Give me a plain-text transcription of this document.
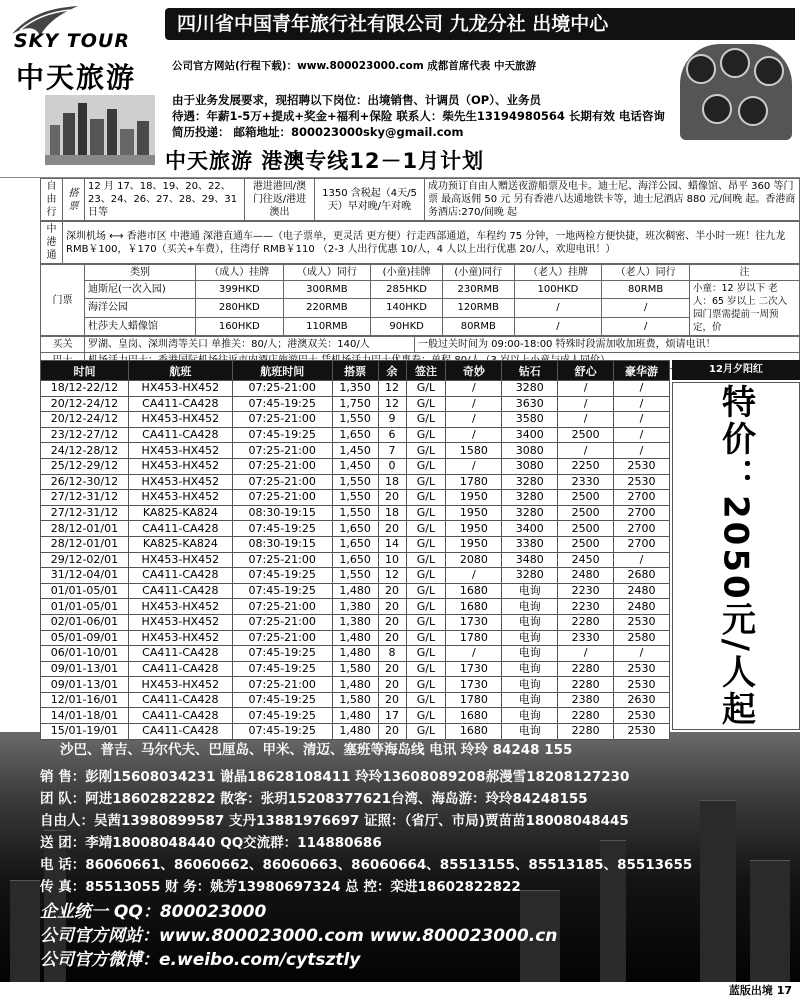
SKY TOUR
中天旅游
四川省中国青年旅行社有限公司 九龙分社 出境中心
公司官方网站(行程下载)：www.800023000.com 成都首席代表 中天旅游
由于业务发展要求，现招聘以下岗位：出境销售、计调员（OP）、业务员
待遇：年薪1-5万+提成+奖金+福利+保险 联系人：柴先生13194980564 长期有效 电话咨询
简历投递： 邮箱地址：800023000sky@gmail.com
中天旅游 港澳专线12－1月计划
自由行	搭票	12 月 17、18、19、20、22、23、24、26、27、28、29、31 日等	港进港回/澳门往返/港进澳出	1350 含税起（4天/5天）早对晚/午对晚	成功预订自由人赠送夜游船票及电卡。迪士尼、海洋公园、蜡像馆、昂平 360 等门票 最高返佣 50 元 另有香港八达通地铁卡等，迪士尼酒店 880 元/间晚 起。香港商务酒店:270/间晚 起
中港通	深圳机场 ⟷ 香港市区 中港通 深港直通车——（电子票单，更灵活 更方便）行走西部通道，车程约 75 分钟，一地两检方便快捷，班次稠密、半小时一班！往九龙 RMB￥100，￥170（买关+车费），往湾仔 RMB￥110 （2-3 人出行优惠 10/人，4 人以上出行优惠 20/人，欢迎电讯！）
门票	类别	（成人）挂牌	（成人）同行	(小童)挂牌	(小童)同行	（老人）挂牌	（老人）同行	注
	迪斯尼(一次入园)	399HKD	300RMB	285HKD	230RMB	100HKD	80RMB	小童：12 岁以下 老人：65 岁以上 二次入园门票需提前一周预定，价
	海洋公园	280HKD	220RMB	140HKD	120RMB	/	/	
	杜莎夫人蜡像馆	160HKD	110RMB	90HKD	80RMB	/	/	
买关	罗湖、皇岗、深圳湾等关口 单推关：80/人；港澳双关：140/人	一般过关时间为 09:00-18:00 特殊时段需加收加班费，烦请电讯！

时间	航班	航班时间	搭票	余	签注	奇妙	钻石	舒心	豪华游
18/12-22/12	HX453-HX452	07:25-21:00	1,350	12	G/L	/	3280	/	/
20/12-24/12	CA411-CA428	07:45-19:25	1,750	12	G/L	/	3630	/	/
20/12-24/12	HX453-HX452	07:25-21:00	1,550	9	G/L	/	3580	/	/
23/12-27/12	CA411-CA428	07:45-19:25	1,650	6	G/L	/	3400	2500	/
24/12-28/12	HX453-HX452	07:25-21:00	1,450	7	G/L	1580	3080	/	/
25/12-29/12	HX453-HX452	07:25-21:00	1,450	0	G/L	/	3080	2250	2530
26/12-30/12	HX453-HX452	07:25-21:00	1,550	18	G/L	1780	3280	2330	2530
27/12-31/12	HX453-HX452	07:25-21:00	1,550	20	G/L	1950	3280	2500	2700
27/12-31/12	KA825-KA824	08:30-19:15	1,550	18	G/L	1950	3280	2500	2700
28/12-01/01	CA411-CA428	07:45-19:25	1,650	20	G/L	1950	3400	2500	2700
28/12-01/01	KA825-KA824	08:30-19:15	1,650	14	G/L	1950	3380	2500	2700
29/12-02/01	HX453-HX452	07:25-21:00	1,650	10	G/L	2080	3480	2450	/
31/12-04/01	CA411-CA428	07:45-19:25	1,550	12	G/L	/	3280	2480	2680
01/01-05/01	CA411-CA428	07:45-19:25	1,480	20	G/L	1680	电询	2230	2480
01/01-05/01	HX453-HX452	07:25-21:00	1,380	20	G/L	1680	电询	2230	2480
02/01-06/01	HX453-HX452	07:25-21:00	1,380	20	G/L	1730	电询	2280	2530
05/01-09/01	HX453-HX452	07:25-21:00	1,480	20	G/L	1780	电询	2330	2580
06/01-10/01	CA411-CA428	07:45-19:25	1,480	8	G/L	/	电询	/	/
09/01-13/01	CA411-CA428	07:45-19:25	1,580	20	G/L	1730	电询	2280	2530
09/01-13/01	HX453-HX452	07:25-21:00	1,480	20	G/L	1730	电询	2280	2530
12/01-16/01	CA411-CA428	07:45-19:25	1,580	20	G/L	1780	电询	2380	2630
14/01-18/01	CA411-CA428	07:45-19:25	1,480	17	G/L	1680	电询	2280	2530
15/01-19/01	CA411-CA428	07:45-19:25	1,480	20	G/L	1680	电询	2280	2530
12月夕阳红
特价：2050元/人起
沙巴、普吉、马尔代夫、巴厘岛、甲米、清迈、塞班等海岛线 电讯 玲玲 84248 155
销 售：彭刚15608034231 谢晶18628108411 玲玲13608089208郝漫雪18208127230
团 队：阿进18602822822 散客：张玥15208377621台湾、海岛游：玲玲84248155
自由人：吴茜13980899587 支丹13881976697 证照：（省厅、市局)贾苗苗18008048445
送 团：李靖18008048440 QQ交流群：114880686
电 话：86060661、86060662、86060663、86060664、85513155、85513185、85513655
传 真：85513055 财 务：姚芳13980697324 总 控：栾进18602822822
企业统一 QQ：800023000
公司官方网站：www.800023000.com www.800023000.cn
公司官方微博：e.weibo.com/cytsztly
蓝版出境 17
